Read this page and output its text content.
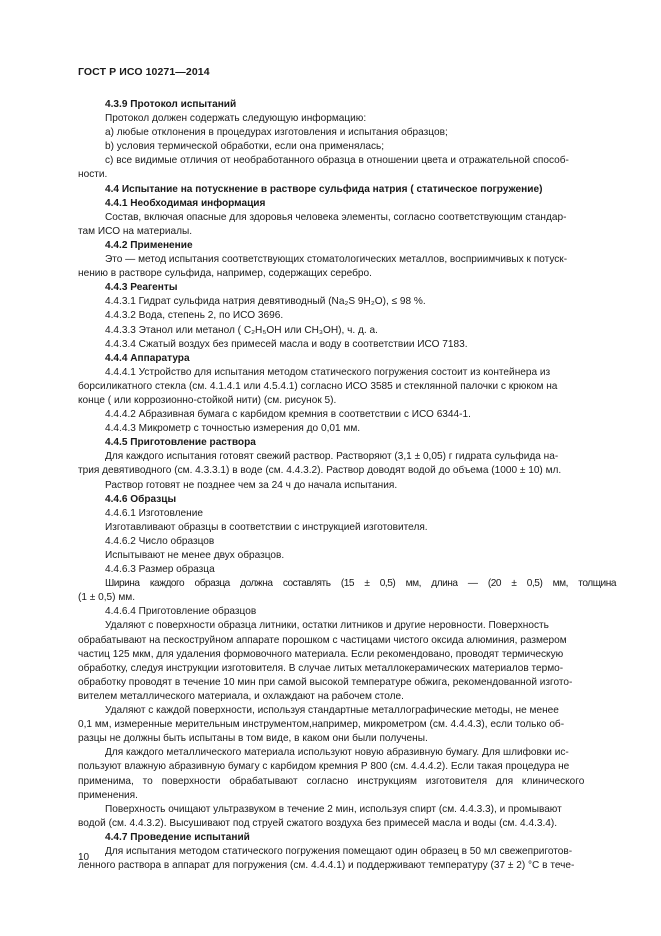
ГОСТ Р ИСО 10271—2014

4.3.9 Протокол испытаний

Протокол должен содержать следующую информацию:

a) любые отклонения в процедурах изготовления и испытания образцов;

b) условия термической обработки, если она применялась;

c) все видимые отличия от необработанного образца в отношении цвета и отражательной способ-

ности.

4.4 Испытание на потускнение в растворе сульфида натрия ( статическое погружение)

4.4.1 Необходимая информация

Состав, включая опасные для здоровья человека элементы, согласно соответствующим стандар-

там ИСО на материалы.

4.4.2 Применение

Это — метод испытания соответствующих стоматологических металлов, восприимчивых к потуск-

нению в растворе сульфида, например, содержащих серебро.

4.4.3 Реагенты

4.4.3.1 Гидрат сульфида натрия девятиводный (Na₂S 9H₂O), ≤ 98 %.

4.4.3.2 Вода, степень 2, по ИСО 3696.

4.4.3.3 Этанол или метанол ( C₂H₅OH или CH₃OH), ч. д. а.

4.4.3.4 Сжатый воздух без примесей масла и воду в соответствии ИСО 7183.

4.4.4 Аппаратура

4.4.4.1 Устройство для испытания методом статического погружения состоит из контейнера из

борсиликатного стекла (см. 4.1.4.1 или 4.5.4.1) согласно ИСО 3585 и стеклянной палочки с крюком на

конце ( или коррозионно-стойкой нити) (см. рисунок 5).

4.4.4.2 Абразивная бумага с карбидом кремния в соответствии с ИСО 6344-1.

4.4.4.3 Микрометр с точностью измерения до 0,01 мм.

4.4.5 Приготовление раствора

Для каждого испытания готовят свежий раствор. Растворяют (3,1 ± 0,05) г гидрата сульфида на-

трия девятиводного (см. 4.3.3.1) в воде (см. 4.4.3.2). Раствор доводят водой до объема (1000 ± 10) мл.

Раствор готовят не позднее чем за 24 ч до начала испытания.

4.4.6 Образцы

4.4.6.1 Изготовление

Изготавливают образцы в соответствии с инструкцией изготовителя.

4.4.6.2 Число образцов

Испытывают не менее двух образцов.

4.4.6.3 Размер образца

Ширина каждого образца должна составлять (15 ± 0,5) мм, длина — (20 ± 0,5) мм, толщина

(1 ± 0,5) мм.

4.4.6.4 Приготовление образцов

Удаляют с поверхности образца литники, остатки литников и другие неровности. Поверхность

обрабатывают на пескоструйном аппарате порошком с частицами чистого оксида алюминия, размером

частиц 125 мкм, для удаления формовочного материала. Если рекомендовано, проводят термическую

обработку, следуя инструкции изготовителя. В случае литых металлокерамических материалов термо-

обработку проводят в течение 10 мин при самой высокой температуре обжига, рекомендованной изгото-

вителем металлического материала, и охлаждают на рабочем столе.

Удаляют с каждой поверхности, используя стандартные металлографические методы, не менее

0,1 мм, измеренные мерительным инструментом,например, микрометром (см. 4.4.4.3), если только об-

разцы не должны быть испытаны в том виде, в каком они были получены.

Для каждого металлического материала используют новую абразивную бумагу. Для шлифовки ис-

пользуют влажную абразивную бумагу с карбидом кремния Р 800 (см. 4.4.4.2). Если такая процедура не

применима, то поверхности обрабатывают согласно инструкциям изготовителя для клинического

применения.

Поверхность очищают ультразвуком в течение 2 мин, используя спирт (см. 4.4.3.3), и промывают

водой (см. 4.4.3.2). Высушивают под струей сжатого воздуха без примесей масла и воды (см. 4.4.3.4).

4.4.7 Проведение испытаний

Для испытания методом статического погружения помещают один образец в 50 мл свежеприготов-

ленного раствора в аппарат для погружения (см. 4.4.4.1) и поддерживают температуру (37 ± 2) °С в тече-

10
